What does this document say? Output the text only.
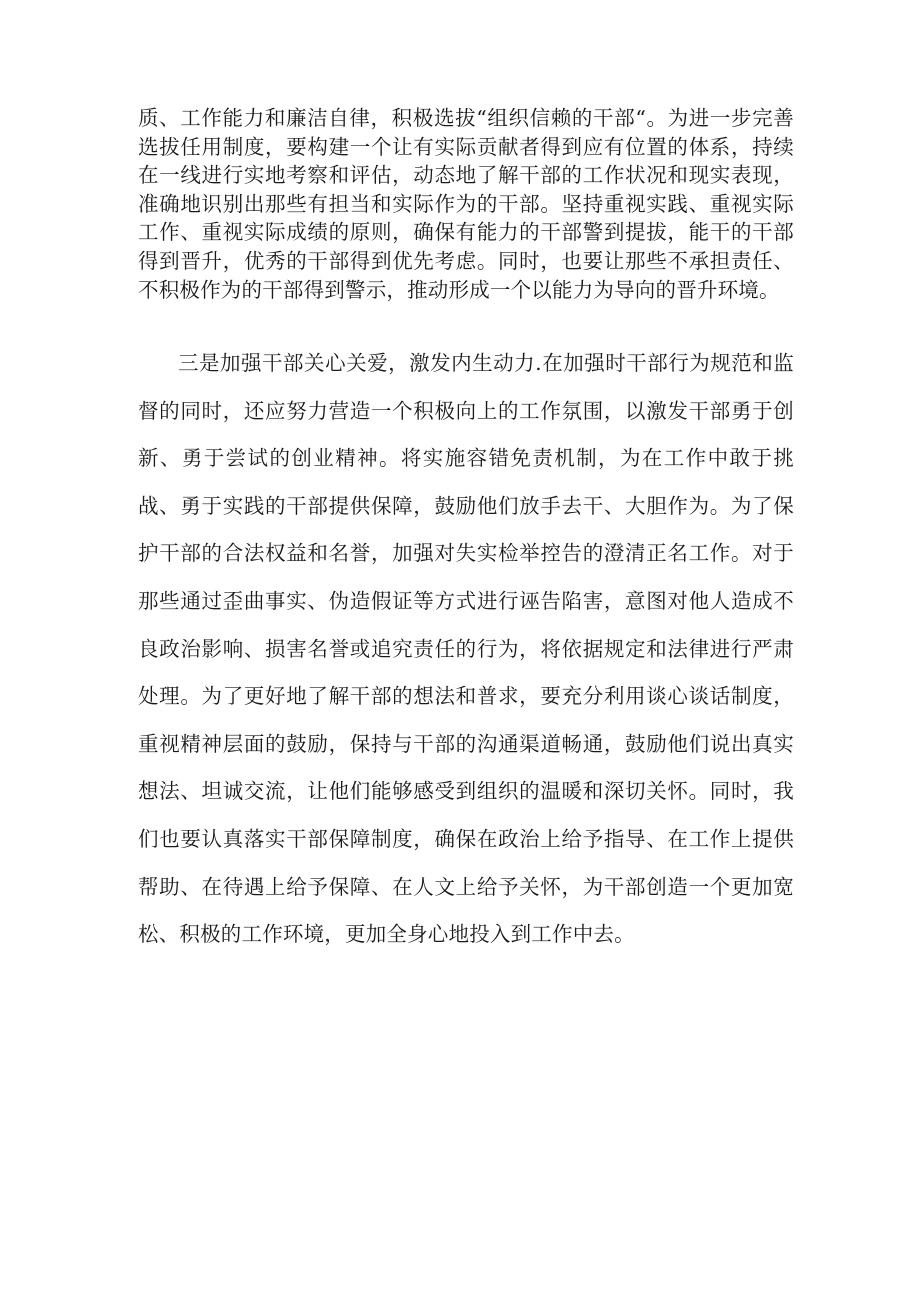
质、工作能力和廉洁自律，积极选拔“组织信赖的干部“。为进一步完善选拔任用制度，要构建一个让有实际贡献者得到应有位置的体系，持续在一线进行实地考察和评估，动态地了解干部的工作状况和现实表现，准确地识别出那些有担当和实际作为的干部。坚持重视实践、重视实际工作、重视实际成绩的原则，确保有能力的干部警到提拔，能干的干部得到晋升，优秀的干部得到优先考虑。同时，也要让那些不承担责任、不积极作为的干部得到警示，推动形成一个以能力为导向的晋升环境。

三是加强干部关心关爱，激发内生动力.在加强时干部行为规范和监督的同时，还应努力营造一个积极向上的工作氛围，以激发干部勇于创新、勇于尝试的创业精神。将实施容错免责机制，为在工作中敢于挑战、勇于实践的干部提供保障，鼓励他们放手去干、大胆作为。为了保护干部的合法权益和名誉，加强对失实检举控告的澄清正名工作。对于那些通过歪曲事实、伪造假证等方式进行诬告陷害，意图对他人造成不良政治影响、损害名誉或追究责任的行为，将依据规定和法律进行严肃处理。为了更好地了解干部的想法和普求，要充分利用谈心谈话制度，重视精神层面的鼓励，保持与干部的沟通渠道畅通，鼓励他们说出真实想法、坦诚交流，让他们能够感受到组织的温暖和深切关怀。同时，我们也要认真落实干部保障制度，确保在政治上给予指导、在工作上提供帮助、在待遇上给予保障、在人文上给予关怀，为干部创造一个更加宽松、积极的工作环境，更加全身心地投入到工作中去。
